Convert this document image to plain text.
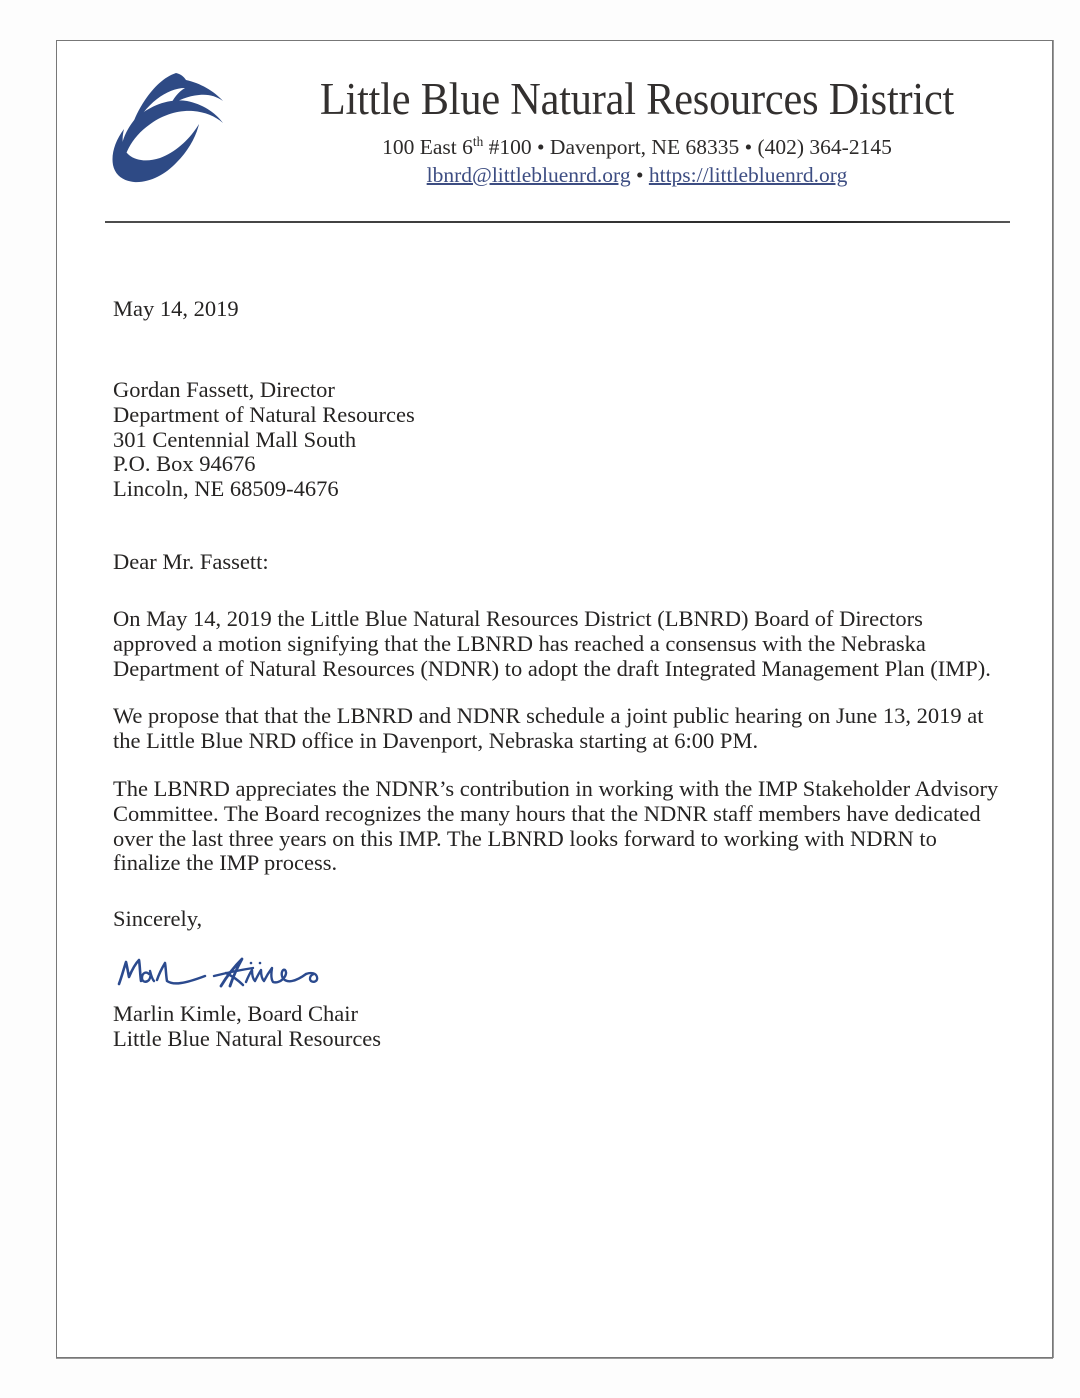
Little Blue Natural Resources District
100 East 6th #100 • Davenport, NE 68335 • (402) 364-2145
lbnrd@littlebluenrd.org • https://littlebluenrd.org
May 14, 2019
Gordan Fassett, Director
Department of Natural Resources
301 Centennial Mall South
P.O. Box 94676
Lincoln, NE 68509-4676
Dear Mr. Fassett:

On May 14, 2019 the Little Blue Natural Resources District (LBNRD) Board of Directors approved a motion signifying that the LBNRD has reached a consensus with the Nebraska Department of Natural Resources (NDNR) to adopt the draft Integrated Management Plan (IMP).

We propose that that the LBNRD and NDNR schedule a joint public hearing on June 13, 2019 at the Little Blue NRD office in Davenport, Nebraska starting at 6:00 PM.

The LBNRD appreciates the NDNR’s contribution in working with the IMP Stakeholder Advisory Committee. The Board recognizes the many hours that the NDNR staff members have dedicated over the last three years on this IMP. The LBNRD looks forward to working with NDRN to finalize the IMP process.

Sincerely,
Marlin Kimle, Board Chair
Little Blue Natural Resources
